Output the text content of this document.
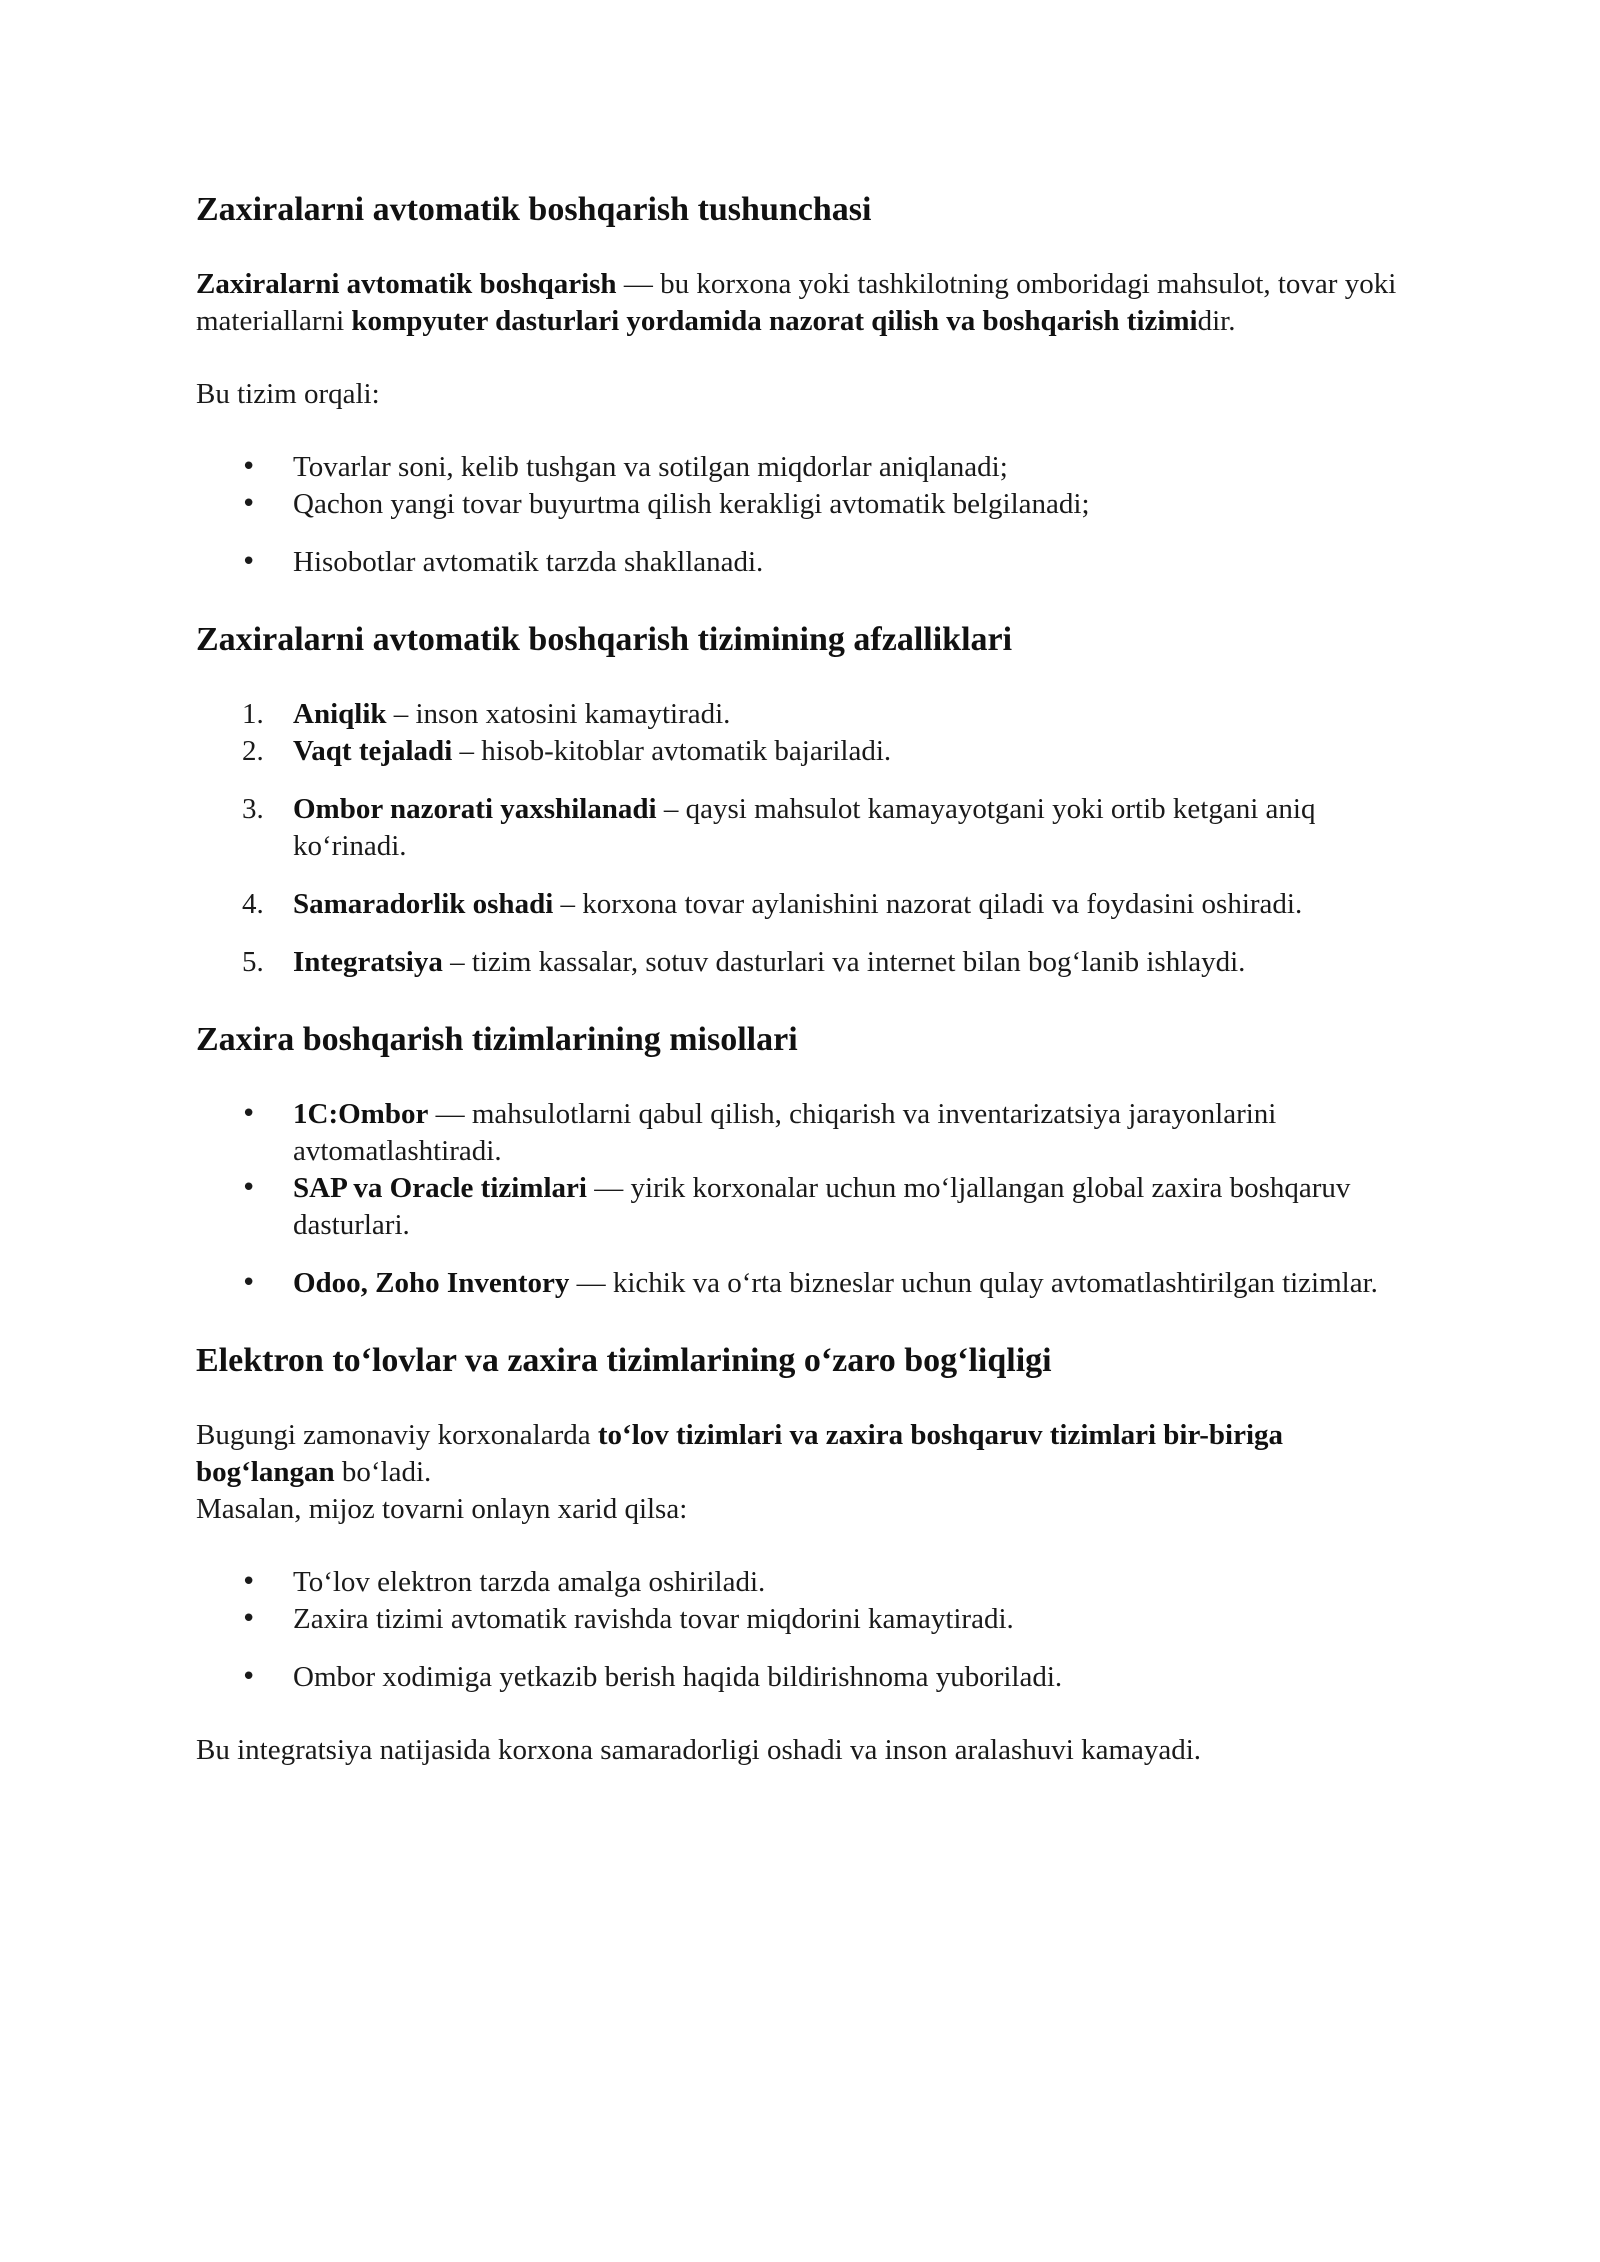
Zaxiralarni avtomatik boshqarish tushunchasi

Zaxiralarni avtomatik boshqarish — bu korxona yoki tashkilotning omboridagi mahsulot, tovar yoki materiallarni kompyuter dasturlari yordamida nazorat qilish va boshqarish tizimidir.

Bu tizim orqali:

• Tovarlar soni, kelib tushgan va sotilgan miqdorlar aniqlanadi;
• Qachon yangi tovar buyurtma qilish kerakligi avtomatik belgilanadi;
• Hisobotlar avtomatik tarzda shakllanadi.
Zaxiralarni avtomatik boshqarish tizimining afzalliklari
1. Aniqlik – inson xatosini kamaytiradi.
2. Vaqt tejaladi – hisob-kitoblar avtomatik bajariladi.
3. Ombor nazorati yaxshilanadi – qaysi mahsulot kamayayotgani yoki ortib ketgani aniq ko‘rinadi.
4. Samaradorlik oshadi – korxona tovar aylanishini nazorat qiladi va foydasini oshiradi.
5. Integratsiya – tizim kassalar, sotuv dasturlari va internet bilan bog‘lanib ishlaydi.
Zaxira boshqarish tizimlarining misollari
• 1C:Ombor — mahsulotlarni qabul qilish, chiqarish va inventarizatsiya jarayonlarini avtomatlashtiradi.
• SAP va Oracle tizimlari — yirik korxonalar uchun mo‘ljallangan global zaxira boshqaruv dasturlari.
• Odoo, Zoho Inventory — kichik va o‘rta bizneslar uchun qulay avtomatlashtirilgan tizimlar.
Elektron to‘lovlar va zaxira tizimlarining o‘zaro bog‘liqligi

Bugungi zamonaviy korxonalarda to‘lov tizimlari va zaxira boshqaruv tizimlari bir-biriga bog‘langan bo‘ladi.
Masalan, mijoz tovarni onlayn xarid qilsa:

• To‘lov elektron tarzda amalga oshiriladi.
• Zaxira tizimi avtomatik ravishda tovar miqdorini kamaytiradi.
• Ombor xodimiga yetkazib berish haqida bildirishnoma yuboriladi.

Bu integratsiya natijasida korxona samaradorligi oshadi va inson aralashuvi kamayadi.
